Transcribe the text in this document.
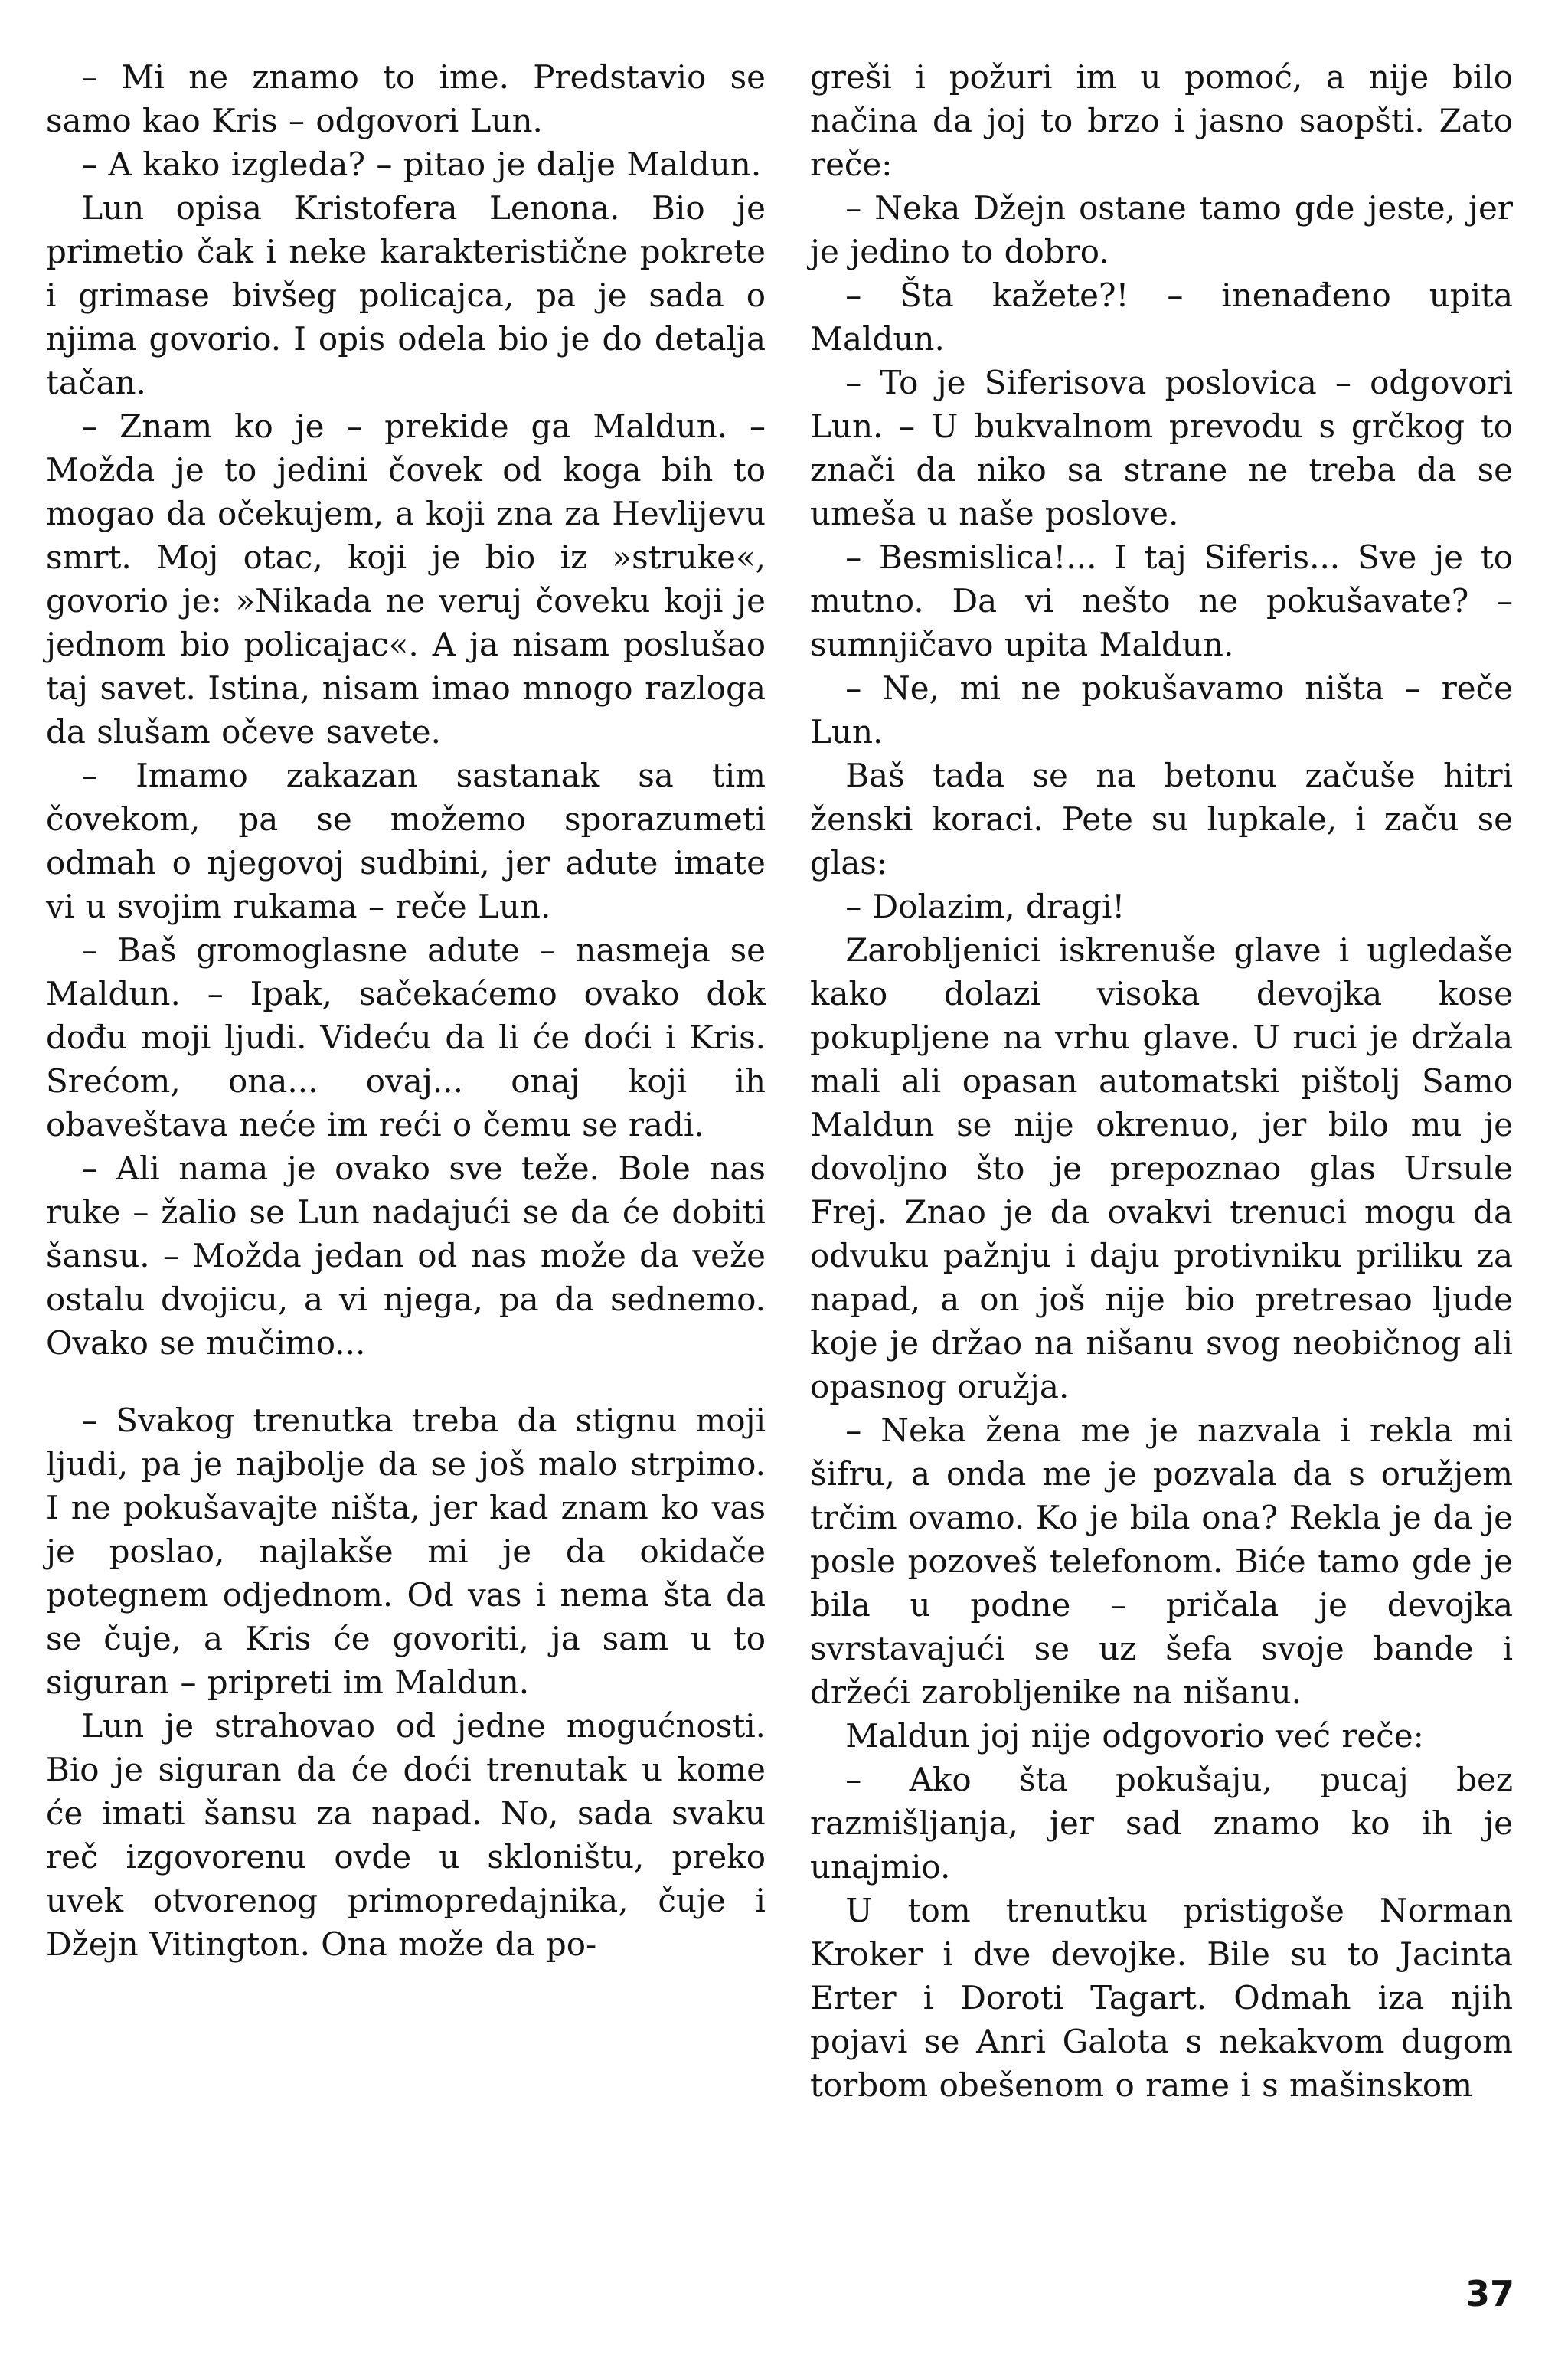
– Mi ne znamo to ime. Predstavio se samo kao Kris – odgovori Lun.

– A kako izgleda? – pitao je dalje Maldun.

Lun opisa Kristofera Lenona. Bio je primetio čak i neke karakteristične pokrete i grimase bivšeg policajca, pa je sada o njima govorio. I opis odela bio je do detalja tačan.

– Znam ko je – prekide ga Maldun. – Možda je to jedini čovek od koga bih to mogao da očekujem, a koji zna za Hevlijevu smrt. Moj otac, koji je bio iz »struke«, govorio je: »Nikada ne veruj čoveku koji je jednom bio policajac«. A ja nisam poslušao taj savet. Istina, nisam imao mnogo razloga da slušam očeve savete.

– Imamo zakazan sastanak sa tim čovekom, pa se možemo sporazumeti odmah o njegovoj sudbini, jer adute imate vi u svojim rukama – reče Lun.

– Baš gromoglasne adute – nasmeja se Maldun. – Ipak, sačekaćemo ovako dok dođu moji ljudi. Videću da li će doći i Kris. Srećom, ona... ovaj... onaj koji ih obaveštava neće im reći o čemu se radi.

– Ali nama je ovako sve teže. Bole nas ruke – žalio se Lun nadajući se da će dobiti šansu. – Možda jedan od nas može da veže ostalu dvojicu, a vi njega, pa da sednemo. Ovako se mučimo...

– Svakog trenutka treba da stignu moji ljudi, pa je najbolje da se još malo strpimo. I ne pokušavajte ništa, jer kad znam ko vas je poslao, najlakše mi je da okidače potegnem odjednom. Od vas i nema šta da se čuje, a Kris će govoriti, ja sam u to siguran – pripreti im Maldun.

Lun je strahovao od jedne mogućnosti. Bio je siguran da će doći trenutak u kome će imati šansu za napad. No, sada svaku reč izgovorenu ovde u skloništu, preko uvek otvorenog primopredajnika, čuje i Džejn Vitington. Ona može da po-

greši i požuri im u pomoć, a nije bilo načina da joj to brzo i jasno saopšti. Zato reče:

– Neka Džejn ostane tamo gde jeste, jer je jedino to dobro.

– Šta kažete?! – inenađeno upita Maldun.

– To je Siferisova poslovica – odgovori Lun. – U bukvalnom prevodu s grčkog to znači da niko sa strane ne treba da se umeša u naše poslove.

– Besmislica!... I taj Siferis... Sve je to mutno. Da vi nešto ne pokušavate? – sumnjičavo upita Maldun.

– Ne, mi ne pokušavamo ništa – reče Lun.

Baš tada se na betonu začuše hitri ženski koraci. Pete su lupkale, i začu se glas:

– Dolazim, dragi!

Zarobljenici iskrenuše glave i ugledaše kako dolazi visoka devojka kose pokupljene na vrhu glave. U ruci je držala mali ali opasan automatski pištolj Samo Maldun se nije okrenuo, jer bilo mu je dovoljno što je prepoznao glas Ursule Frej. Znao je da ovakvi trenuci mogu da odvuku pažnju i daju protivniku priliku za napad, a on još nije bio pretresao ljude koje je držao na nišanu svog neobičnog ali opasnog oružja.

– Neka žena me je nazvala i rekla mi šifru, a onda me je pozvala da s oružjem trčim ovamo. Ko je bila ona? Rekla je da je posle pozoveš telefonom. Biće tamo gde je bila u podne – pričala je devojka svrstavajući se uz šefa svoje bande i držeći zarobljenike na nišanu.

Maldun joj nije odgovorio već reče:

– Ako šta pokušaju, pucaj bez razmišljanja, jer sad znamo ko ih je unajmio.

U tom trenutku pristigoše Norman Kroker i dve devojke. Bile su to Jacinta Erter i Doroti Tagart. Odmah iza njih pojavi se Anri Galota s nekakvom dugom torbom obešenom o rame i s mašinskom

37
